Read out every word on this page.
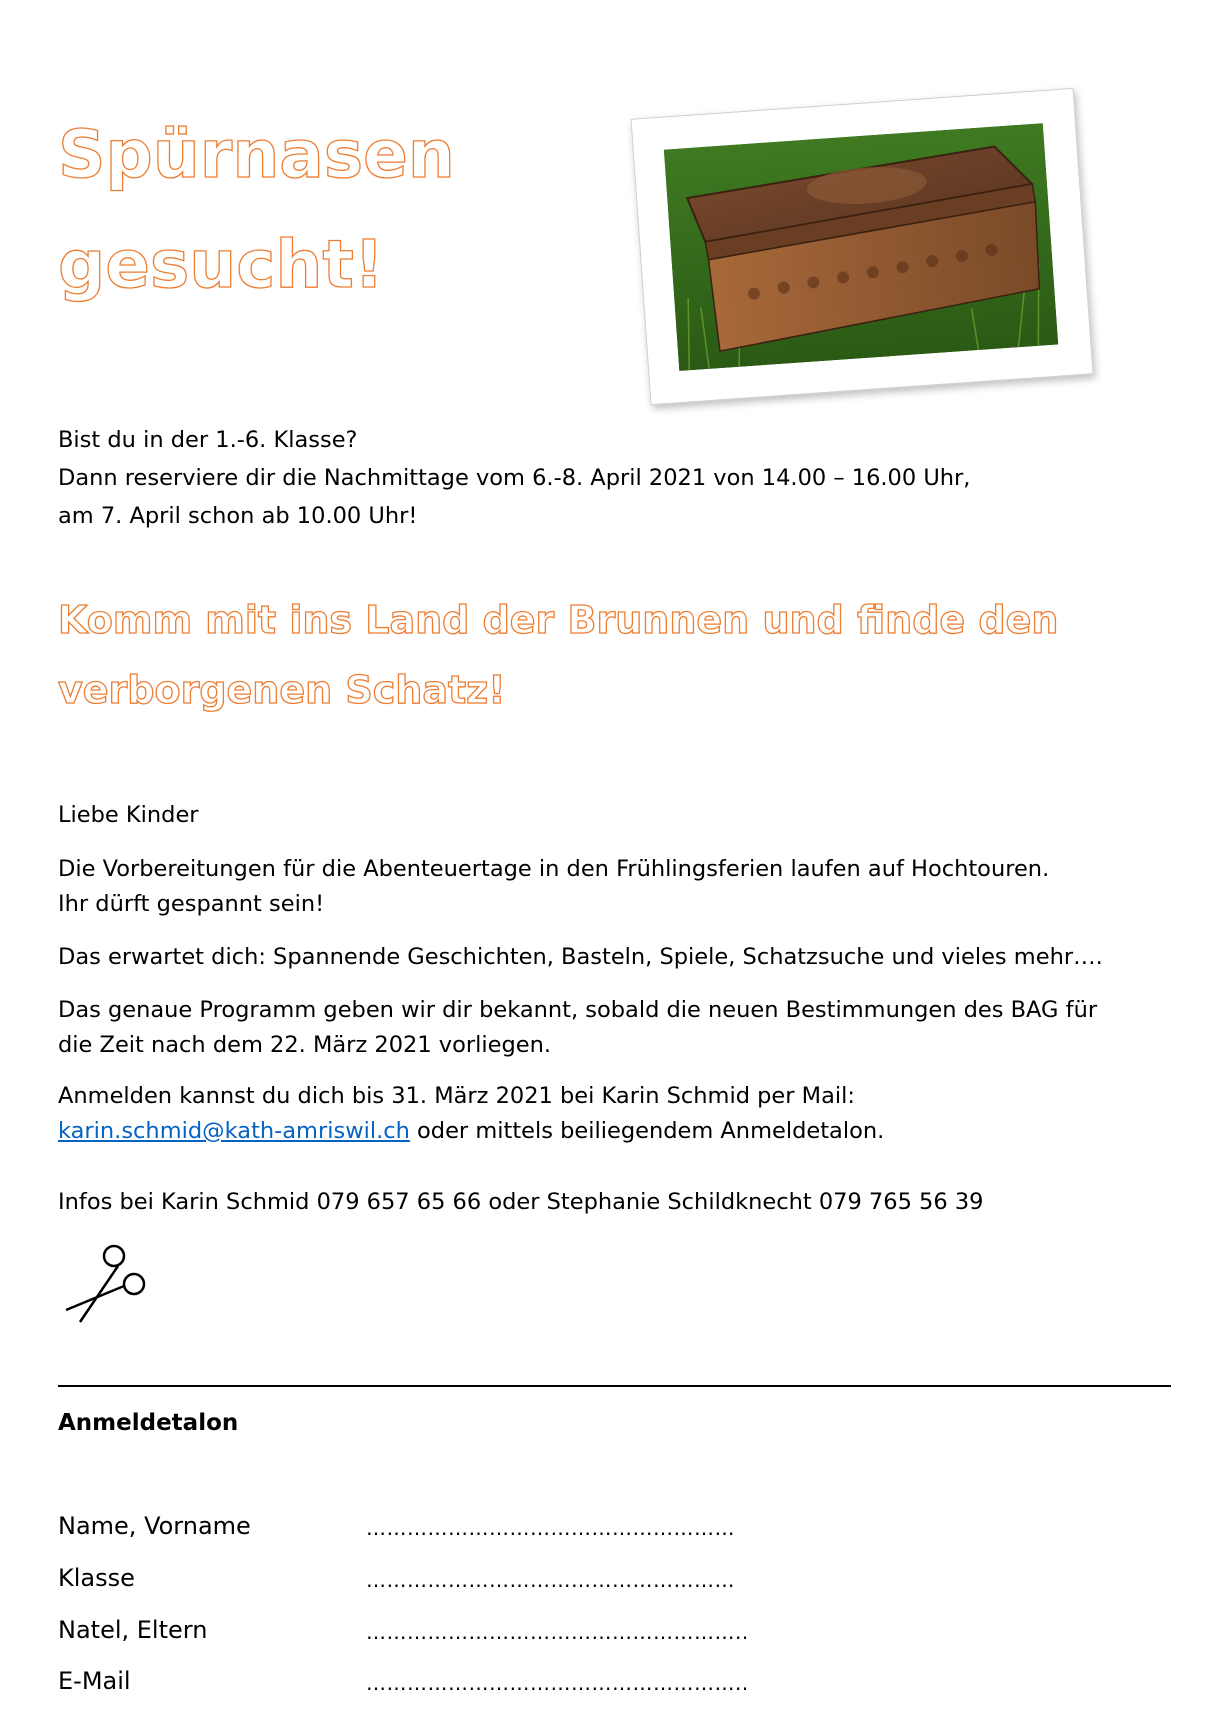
Spürnasen
gesucht!

Bist du in der 1.-6. Klasse?

Dann reserviere dir die Nachmittage vom 6.-8. April 2021 von 14.00 – 16.00 Uhr,

am 7. April schon ab 10.00 Uhr!

Komm mit ins Land der Brunnen und finde den
verborgenen Schatz!

Liebe Kinder

Die Vorbereitungen für die Abenteuertage in den Frühlingsferien laufen auf Hochtouren.

Ihr dürft gespannt sein!

Das erwartet dich: Spannende Geschichten, Basteln, Spiele, Schatzsuche und vieles mehr….

Das genaue Programm geben wir dir bekannt, sobald die neuen Bestimmungen des BAG für

die Zeit nach dem 22. März 2021 vorliegen.

Anmelden kannst du dich bis 31. März 2021 bei Karin Schmid per Mail:

karin.schmid@kath-amriswil.ch oder mittels beiliegendem Anmeldetalon.

Infos bei Karin Schmid 079 657 65 66 oder Stephanie Schildknecht 079 765 56 39

Anmeldetalon

Name, Vorname	………………………………………………

Klasse	………………………………………………

Natel, Eltern	………………………………………………..

E-Mail	………………………………………………..
